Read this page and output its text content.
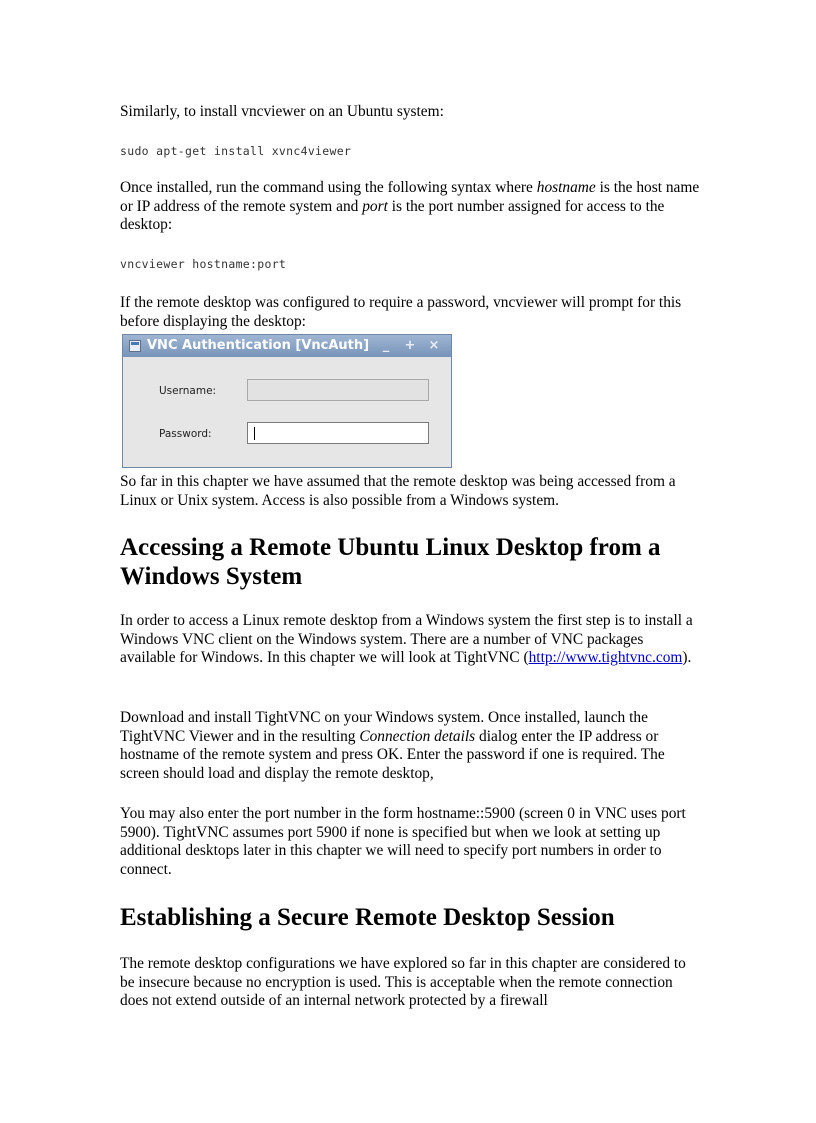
Similarly, to install vncviewer on an Ubuntu system:

sudo apt-get install xvnc4viewer

Once installed, run the command using the following syntax where hostname is the host name or IP address of the remote system and port is the port number assigned for access to the desktop:

vncviewer hostname:port

If the remote desktop was configured to require a password, vncviewer will prompt for this before displaying the desktop:

So far in this chapter we have assumed that the remote desktop was being accessed from a Linux or Unix system. Access is also possible from a Windows system.

Accessing a Remote Ubuntu Linux Desktop from a Windows System

In order to access a Linux remote desktop from a Windows system the first step is to install a Windows VNC client on the Windows system. There are a number of VNC packages available for Windows. In this chapter we will look at TightVNC (http://www.tightvnc.com).

Download and install TightVNC on your Windows system. Once installed, launch the TightVNC Viewer and in the resulting Connection details dialog enter the IP address or hostname of the remote system and press OK. Enter the password if one is required. The screen should load and display the remote desktop,

You may also enter the port number in the form hostname::5900 (screen 0 in VNC uses port 5900). TightVNC assumes port 5900 if none is specified but when we look at setting up additional desktops later in this chapter we will need to specify port numbers in order to connect.

Establishing a Secure Remote Desktop Session

The remote desktop configurations we have explored so far in this chapter are considered to be insecure because no encryption is used. This is acceptable when the remote connection does not extend outside of an internal network protected by a firewall

VNC Authentication [VncAuth]	_	+	×
Username:
Password:
